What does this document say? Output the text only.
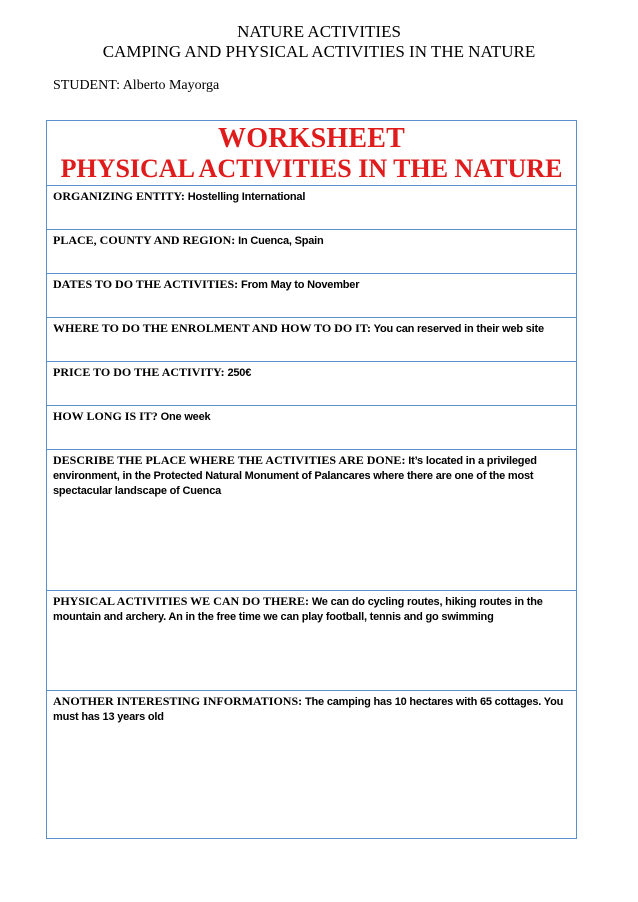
NATURE ACTIVITIES
CAMPING AND PHYSICAL ACTIVITIES IN THE NATURE
STUDENT: Alberto Mayorga
WORKSHEET
PHYSICAL ACTIVITIES IN THE NATURE
ORGANIZING ENTITY: Hostelling International
PLACE, COUNTY AND REGION: In Cuenca, Spain
DATES TO DO THE ACTIVITIES: From May to November
WHERE TO DO THE ENROLMENT AND HOW TO DO IT: You can reserved in their web site
PRICE TO DO THE ACTIVITY: 250€
HOW LONG IS IT? One week
DESCRIBE THE PLACE WHERE THE ACTIVITIES ARE DONE: It’s located in a privileged environment, in the Protected Natural Monument of Palancares where there are one of the most spectacular landscape of Cuenca
PHYSICAL ACTIVITIES WE CAN DO THERE: We can do cycling routes, hiking routes in the mountain and archery. An in the free time we can play football, tennis and go swimming
ANOTHER INTERESTING INFORMATIONS: The camping has 10 hectares with 65 cottages. You must has 13 years old
